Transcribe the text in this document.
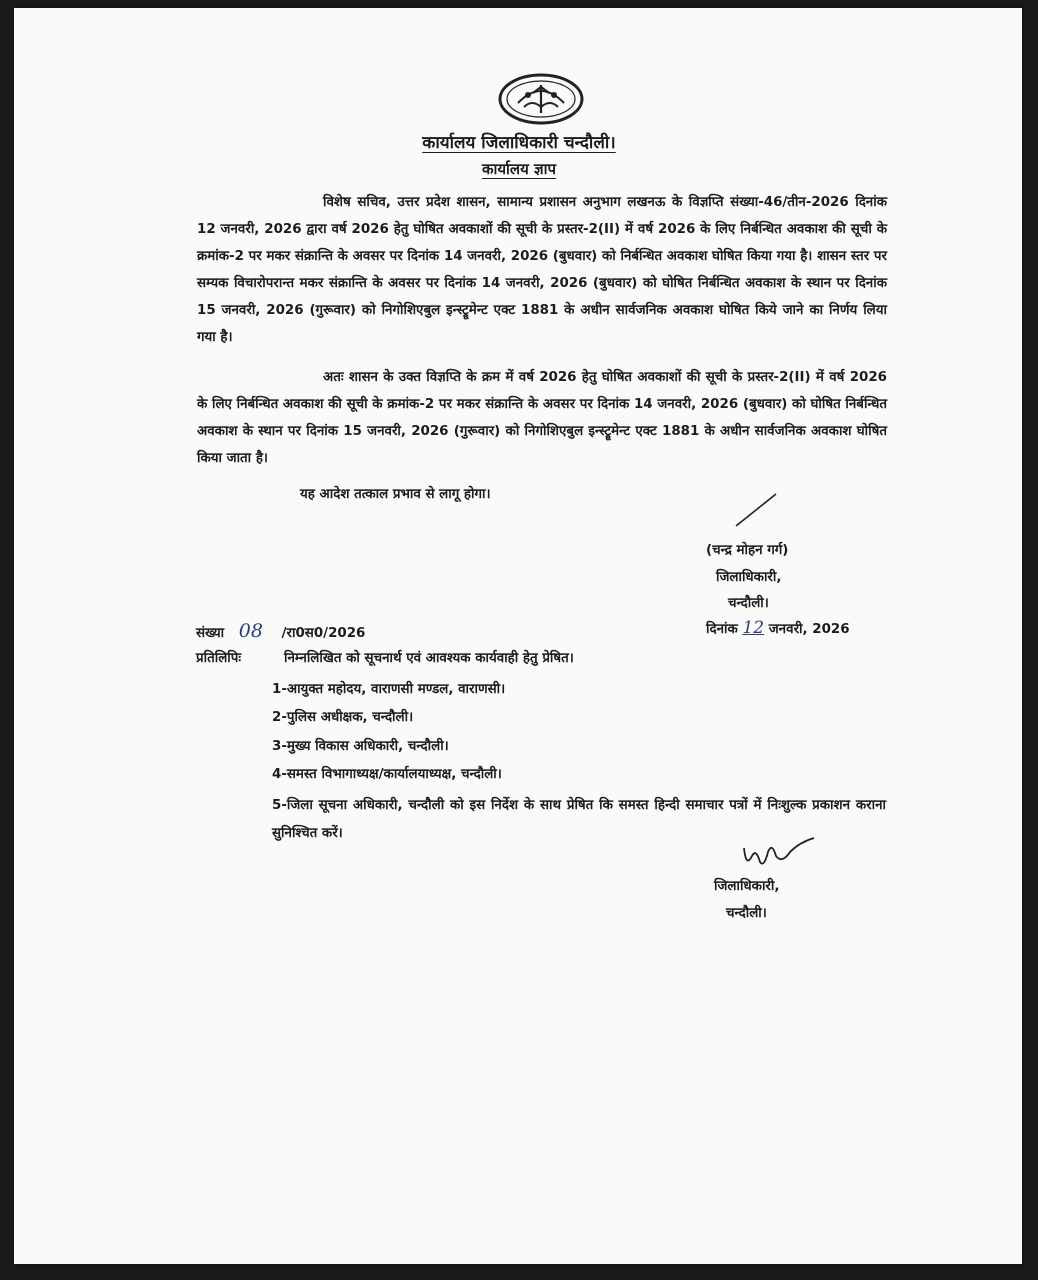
कार्यालय जिलाधिकारी चन्दौली।
कार्यालय ज्ञाप
विशेष सचिव, उत्तर प्रदेश शासन, सामान्य प्रशासन अनुभाग लखनऊ के विज्ञप्ति संख्या-46/तीन-2026 दिनांक 12 जनवरी, 2026 द्वारा वर्ष 2026 हेतु घोषित अवकाशों की सूची के प्रस्तर-2(II) में वर्ष 2026 के लिए निर्बन्धित अवकाश की सूची के क्रमांक-2 पर मकर संक्रान्ति के अवसर पर दिनांक 14 जनवरी, 2026 (बुधवार) को निर्बन्धित अवकाश घोषित किया गया है। शासन स्तर पर सम्यक विचारोपरान्त मकर संक्रान्ति के अवसर पर दिनांक 14 जनवरी, 2026 (बुधवार) को घोषित निर्बन्धित अवकाश के स्थान पर दिनांक 15 जनवरी, 2026 (गुरूवार) को निगोशिएबुल इन्स्ट्रूमेन्ट एक्ट 1881 के अधीन सार्वजनिक अवकाश घोषित किये जाने का निर्णय लिया गया है।
अतः शासन के उक्त विज्ञप्ति के क्रम में वर्ष 2026 हेतु घोषित अवकाशों की सूची के प्रस्तर-2(II) में वर्ष 2026 के लिए निर्बन्धित अवकाश की सूची के क्रमांक-2 पर मकर संक्रान्ति के अवसर पर दिनांक 14 जनवरी, 2026 (बुधवार) को घोषित निर्बन्धित अवकाश के स्थान पर दिनांक 15 जनवरी, 2026 (गुरूवार) को निगोशिएबुल इन्स्ट्रूमेन्ट एक्ट 1881 के अधीन सार्वजनिक अवकाश घोषित किया जाता है।
यह आदेश तत्काल प्रभाव से लागू होगा।
(चन्द्र मोहन गर्ग)
जिलाधिकारी,
चन्दौली।
दिनांक 12 जनवरी, 2026
संख्या 08 /रा0स0/2026
प्रतिलिपिः	निम्नलिखित को सूचनार्थ एवं आवश्यक कार्यवाही हेतु प्रेषित।
1-आयुक्त महोदय, वाराणसी मण्डल, वाराणसी।
2-पुलिस अधीक्षक, चन्दौली।
3-मुख्य विकास अधिकारी, चन्दौली।
4-समस्त विभागाध्यक्ष/कार्यालयाध्यक्ष, चन्दौली।
5-जिला सूचना अधिकारी, चन्दौली को इस निर्देश के साथ प्रेषित कि समस्त हिन्दी समाचार पत्रों में निःशुल्क प्रकाशन कराना सुनिश्चित करें।
जिलाधिकारी,
चन्दौली।
